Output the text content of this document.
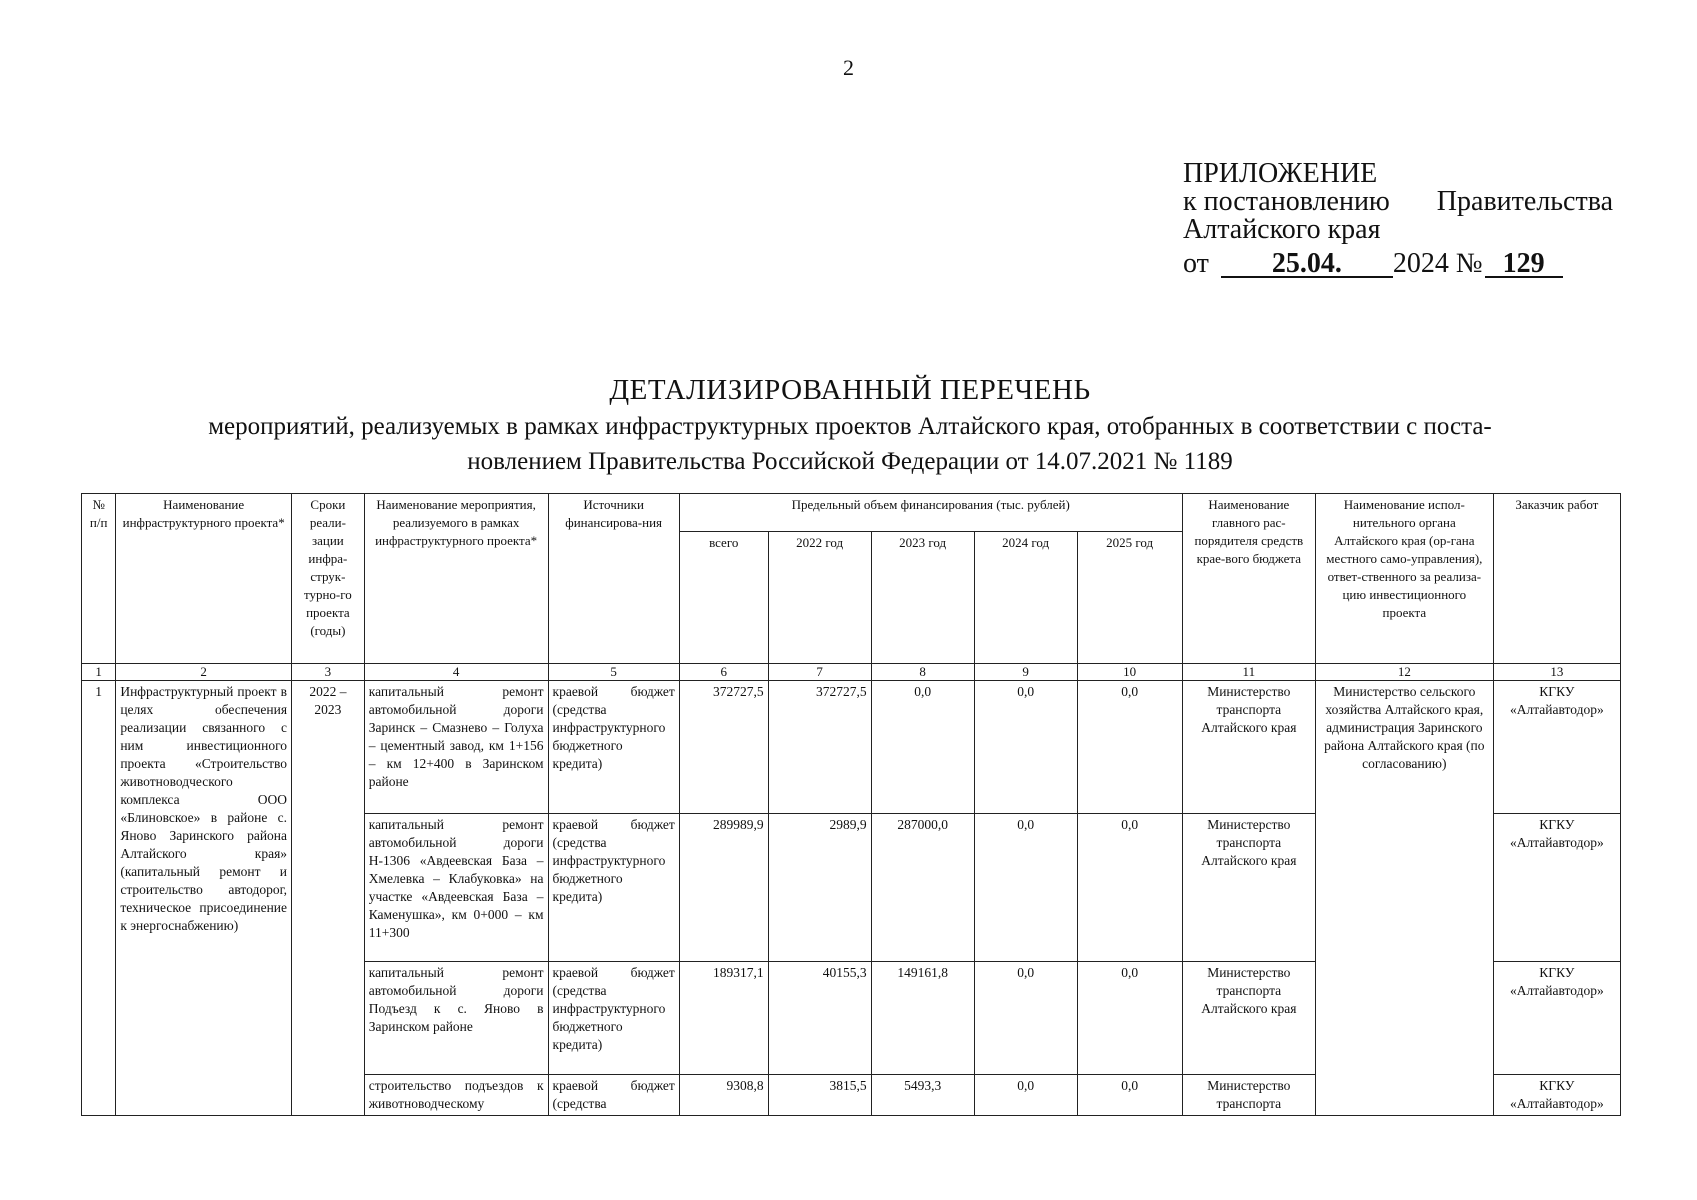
2
ПРИЛОЖЕНИЕ
к постановлению Правительства
Алтайского края
от	25.04.	2024 № 129
ДЕТАЛИЗИРОВАННЫЙ ПЕРЕЧЕНЬ
мероприятий, реализуемых в рамках инфраструктурных проектов Алтайского края, отобранных в соответствии с поста-
новлением Правительства Российской Федерации от 14.07.2021 № 1189
№ п/п	Наименование инфраструктурного проекта*	Сроки реали-зации инфра-струк-турно-го проекта (годы)	Наименование мероприятия, реализуемого в рамках инфраструктурного проекта*	Источники финансирова-ния	Предельный объем финансирования (тыс. рублей)					Наименование главного рас-порядителя средств крае-вого бюджета	Наименование испол-нительного органа Алтайского края (ор-гана местного само-управления), ответ-ственного за реализа-цию инвестиционного проекта	Заказчик работ
					всего	2022 год	2023 год	2024 год	2025 год			
1	2	3	4	5	6	7	8	9	10	11	12	13
1	Инфраструктурный проект в целях обеспечения реализации связанного с ним инвестиционного проекта «Строительство животноводческого комплекса ООО «Блиновское» в районе с. Яново Заринского района Алтайского края» (капитальный ремонт и строительство автодорог, техническое присоединение к энергоснабжению)	2022 – 2023	капитальный ремонт автомобильной дороги Заринск – Смазнево – Голуха – цементный завод, км 1+156 – км 12+400 в Заринском районе	краевой бюджет (средства инфраструктурного бюджетного кредита)	372727,5	372727,5	0,0	0,0	0,0	Министерство транспорта Алтайского края	Министерство сельского хозяйства Алтайского края, администрация Заринского района Алтайского края (по согласованию)	КГКУ «Алтайавтодор»
			капитальный ремонт автомобильной дороги Н-1306 «Авдеевская База – Хмелевка – Клабуковка» на участке «Авдеевская База – Каменушка», км 0+000 – км 11+300	краевой бюджет (средства инфраструктурного бюджетного кредита)	289989,9	2989,9	287000,0	0,0	0,0	Министерство транспорта Алтайского края		КГКУ «Алтайавтодор»
			капитальный ремонт автомобильной дороги Подъезд к с. Яново в Заринском районе	краевой бюджет (средства инфраструктурного бюджетного кредита)	189317,1	40155,3	149161,8	0,0	0,0	Министерство транспорта Алтайского края		КГКУ «Алтайавтодор»
			строительство подъездов к животноводческому	краевой бюджет (средства	9308,8	3815,5	5493,3	0,0	0,0	Министерство транспорта		КГКУ «Алтайавтодор»
